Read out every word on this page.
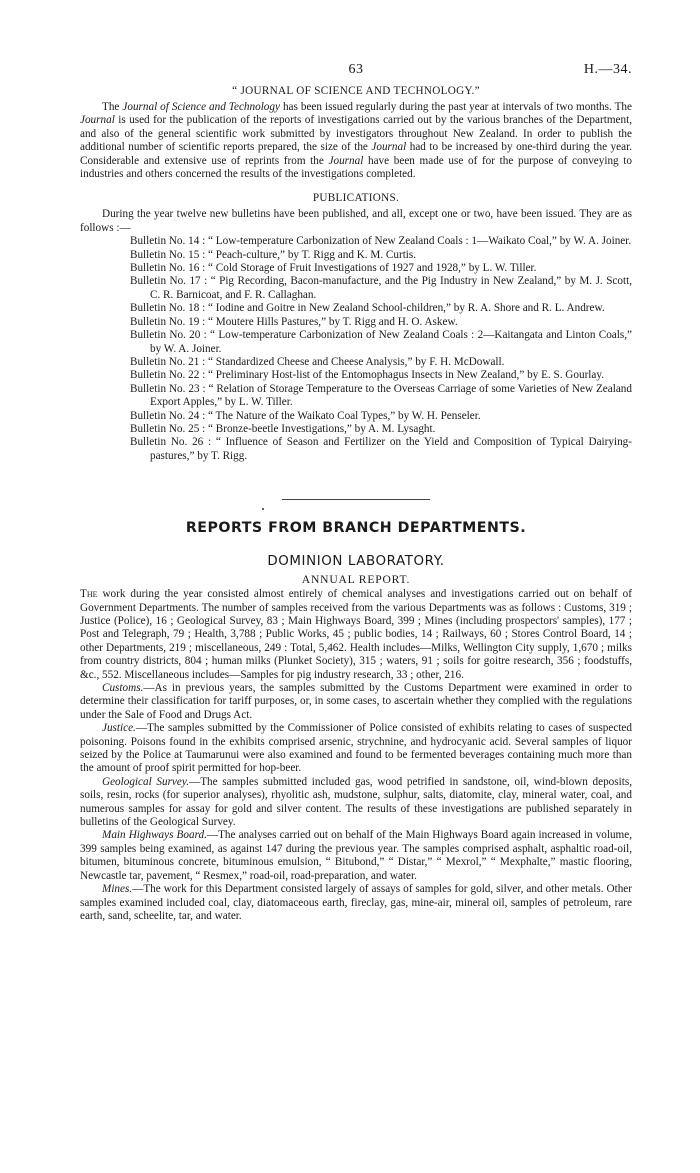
63	H.—34.
“ JOURNAL OF SCIENCE AND TECHNOLOGY.”

The Journal of Science and Technology has been issued regularly during the past year at intervals of two months. The Journal is used for the publication of the reports of investigations carried out by the various branches of the Department, and also of the general scientific work submitted by investigators throughout New Zealand. In order to publish the additional number of scientific reports prepared, the size of the Journal had to be increased by one-third during the year. Considerable and extensive use of reprints from the Journal have been made use of for the purpose of conveying to industries and others concerned the results of the investigations completed.

PUBLICATIONS.

During the year twelve new bulletins have been published, and all, except one or two, have been issued. They are as follows :—

Bulletin No. 14 : “ Low-temperature Carbonization of New Zealand Coals : 1—Waikato Coal,” by W. A. Joiner.
Bulletin No. 15 : “ Peach-culture,” by T. Rigg and K. M. Curtis.
Bulletin No. 16 : “ Cold Storage of Fruit Investigations of 1927 and 1928,” by L. W. Tiller.
Bulletin No. 17 : “ Pig Recording, Bacon-manufacture, and the Pig Industry in New Zealand,” by M. J. Scott, C. R. Barnicoat, and F. R. Callaghan.
Bulletin No. 18 : “ Iodine and Goitre in New Zealand School-children,” by R. A. Shore and R. L. Andrew.
Bulletin No. 19 : “ Moutere Hills Pastures,” by T. Rigg and H. O. Askew.
Bulletin No. 20 : “ Low-temperature Carbonization of New Zealand Coals : 2—Kaitangata and Linton Coals,” by W. A. Joiner.
Bulletin No. 21 : “ Standardized Cheese and Cheese Analysis,” by F. H. McDowall.
Bulletin No. 22 : “ Preliminary Host-list of the Entomophagus Insects in New Zealand,” by E. S. Gourlay.
Bulletin No. 23 : “ Relation of Storage Temperature to the Overseas Carriage of some Varieties of New Zealand Export Apples,” by L. W. Tiller.
Bulletin No. 24 : “ The Nature of the Waikato Coal Types,” by W. H. Penseler.
Bulletin No. 25 : “ Bronze-beetle Investigations,” by A. M. Lysaght.
Bulletin No. 26 : “ Influence of Season and Fertilizer on the Yield and Composition of Typical Dairying-pastures,” by T. Rigg.
REPORTS FROM BRANCH DEPARTMENTS.
DOMINION LABORATORY.
ANNUAL REPORT.

The work during the year consisted almost entirely of chemical analyses and investigations carried out on behalf of Government Departments. The number of samples received from the various Departments was as follows : Customs, 319 ; Justice (Police), 16 ; Geological Survey, 83 ; Main Highways Board, 399 ; Mines (including prospectors' samples), 177 ; Post and Telegraph, 79 ; Health, 3,788 ; Public Works, 45 ; public bodies, 14 ; Railways, 60 ; Stores Control Board, 14 ; other Departments, 219 ; miscellaneous, 249 : Total, 5,462. Health includes—Milks, Wellington City supply, 1,670 ; milks from country districts, 804 ; human milks (Plunket Society), 315 ; waters, 91 ; soils for goitre research, 356 ; foodstuffs, &c., 552. Miscellaneous includes—Samples for pig industry research, 33 ; other, 216.

Customs.—As in previous years, the samples submitted by the Customs Department were examined in order to determine their classification for tariff purposes, or, in some cases, to ascertain whether they complied with the regulations under the Sale of Food and Drugs Act.

Justice.—The samples submitted by the Commissioner of Police consisted of exhibits relating to cases of suspected poisoning. Poisons found in the exhibits comprised arsenic, strychnine, and hydrocyanic acid. Several samples of liquor seized by the Police at Taumarunui were also examined and found to be fermented beverages containing much more than the amount of proof spirit permitted for hop-beer.

Geological Survey.—The samples submitted included gas, wood petrified in sandstone, oil, wind-blown deposits, soils, resin, rocks (for superior analyses), rhyolitic ash, mudstone, sulphur, salts, diatomite, clay, mineral water, coal, and numerous samples for assay for gold and silver content. The results of these investigations are published separately in bulletins of the Geological Survey.

Main Highways Board.—The analyses carried out on behalf of the Main Highways Board again increased in volume, 399 samples being examined, as against 147 during the previous year. The samples comprised asphalt, asphaltic road-oil, bitumen, bituminous concrete, bituminous emulsion, “ Bitubond,” “ Distar,” “ Mexrol,” “ Mexphalte,” mastic flooring, Newcastle tar, pavement, “ Resmex,” road-oil, road-preparation, and water.

Mines.—The work for this Department consisted largely of assays of samples for gold, silver, and other metals. Other samples examined included coal, clay, diatomaceous earth, fireclay, gas, mine-air, mineral oil, samples of petroleum, rare earth, sand, scheelite, tar, and water.
